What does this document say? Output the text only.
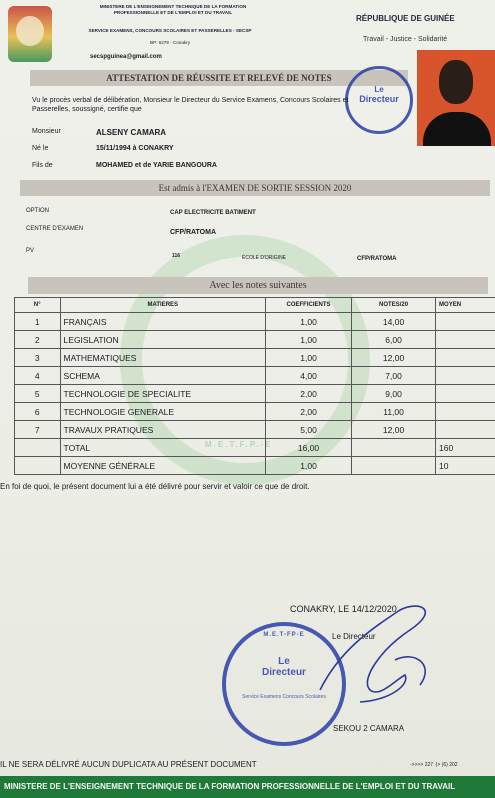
M.E.T.F.P.-E
MINISTERE DE L'ENSEIGNEMENT TECHNIQUE DE LA FORMATION
PROFESSIONNELLE ET DE L'EMPLOI ET DU TRAVAIL
SERVICE EXAMENS, CONCOURS SCOLAIRES ET PASSERELLES - SECSP
BP: 6279 - Conakry
secspguinea@gmail.com
RÉPUBLIQUE DE GUINÉE
Travail - Justice - Solidarité
ATTESTATION DE RÉUSSITE ET RELEVÉ DE NOTES
Le
Directeur
Vu le procès verbal de délibération, Monsieur le Directeur du Service Examens, Concours Scolaires et Passerelles, soussigné, certifie que
Monsieur	ALSENY CAMARA
Né le	15/11/1994 à CONAKRY
Fils de	MOHAMED et de YARIE BANGOURA
Est admis à l'EXAMEN DE SORTIE SESSION 2020
OPTION	CAP ELECTRICITE BATIMENT
CENTRE D'EXAMEN	CFP/RATOMA
PV
116	ÉCOLE D'ORIGINE	CFP/RATOMA
Avec les notes suivantes
N°	MATIERES	COEFFICIENTS	NOTES/20	MOYEN
1	FRANÇAIS	1,00	14,00	
2	LEGISLATION	1,00	6,00	
3	MATHEMATIQUES	1,00	12,00	
4	SCHEMA	4,00	7,00	
5	TECHNOLOGIE DE SPECIALITE	2,00	9,00	
6	TECHNOLOGIE GENERALE	2,00	11,00	
7	TRAVAUX PRATIQUES	5,00	12,00	
	TOTAL	16,00		160
	MOYENNE GÉNÉRALE	1,00		10
En foi de quoi, le présent document lui a été délivré pour servir et valoir ce que de droit.
CONAKRY, LE 14/12/2020
Le Directeur
M.E.T-FP-E
Le
Directeur
Service Examens Concours Scolaires
SEKOU 2 CAMARA
IL NE SERA DÉLIVRÉ AUCUN DUPLICATA AU PRÉSENT DOCUMENT	->>>> 227 ·|> (6) 202
MINISTERE DE L'ENSEIGNEMENT TECHNIQUE DE LA FORMATION PROFESSIONNELLE DE L'EMPLOI ET DU TRAVAIL
